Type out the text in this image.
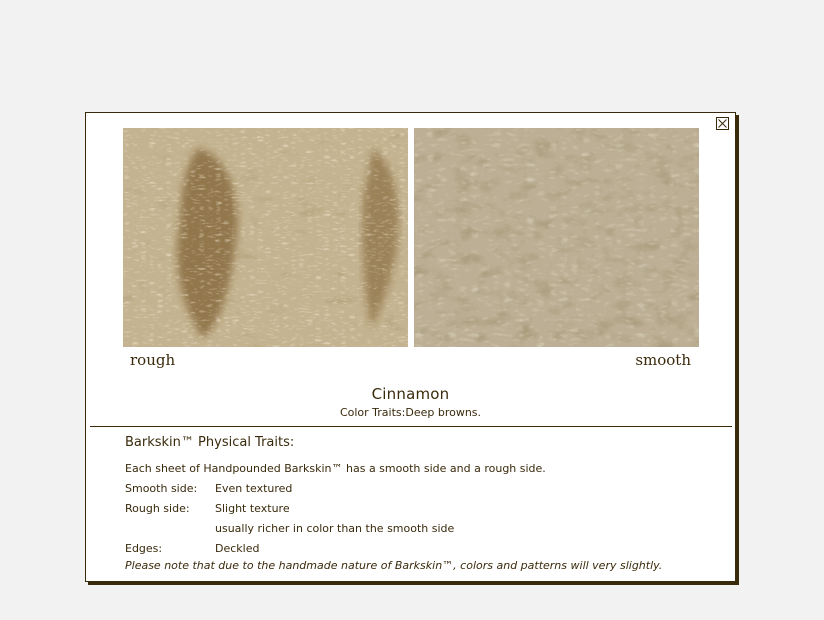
rough	smooth
Cinnamon
Color Traits:Deep browns.
Barkskin™ Physical Traits:
Each sheet of Handpounded Barkskin™ has a smooth side and a rough side.
Smooth side:	Even textured
Rough side:	Slight texture
usually richer in color than the smooth side
Edges:	Deckled
Please note that due to the handmade nature of Barkskin™, colors and patterns will very slightly.
